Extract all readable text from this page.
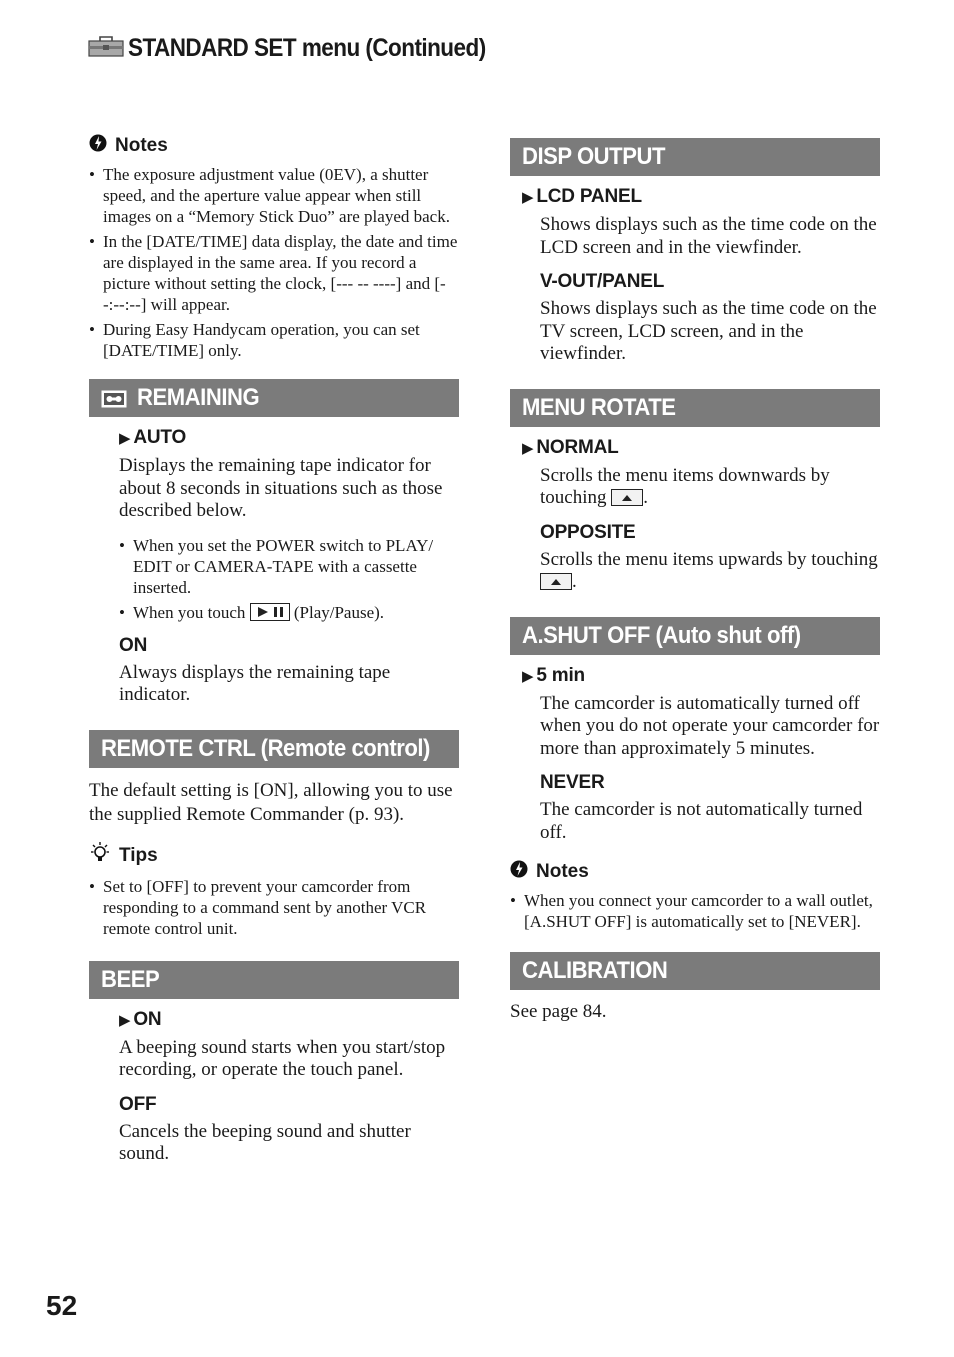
STANDARD SET menu (Continued)
Notes
• The exposure adjustment value (0EV), a shutter speed, and the aperture value appear when still images on a “Memory Stick Duo” are played back.
• In the [DATE/TIME] data display, the date and time are displayed in the same area. If you record a picture without setting the clock, [--- -- ----] and [--:--:--] will appear.
• During Easy Handycam operation, you can set [DATE/TIME] only.
REMAINING
▶ AUTO
Displays the remaining tape indicator for about 8 seconds in situations such as those described below.
• When you set the POWER switch to PLAY/ EDIT or CAMERA-TAPE with a cassette inserted.
• When you touch	(Play/Pause).
ON
Always displays the remaining tape indicator.
REMOTE CTRL (Remote control)
The default setting is [ON], allowing you to use the supplied Remote Commander (p. 93).
Tips
• Set to [OFF] to prevent your camcorder from responding to a command sent by another VCR remote control unit.
BEEP
▶ ON
A beeping sound starts when you start/stop recording, or operate the touch panel.
OFF
Cancels the beeping sound and shutter sound.
DISP OUTPUT
▶ LCD PANEL
Shows displays such as the time code on the LCD screen and in the viewfinder.
V-OUT/PANEL
Shows displays such as the time code on the TV screen, LCD screen, and in the viewfinder.
MENU ROTATE
▶ NORMAL
Scrolls the menu items downwards by touching .
OPPOSITE
Scrolls the menu items upwards by touching
.
A.SHUT OFF (Auto shut off)
▶ 5 min
The camcorder is automatically turned off when you do not operate your camcorder for more than approximately 5 minutes.
NEVER
The camcorder is not automatically turned off.
Notes
• When you connect your camcorder to a wall outlet, [A.SHUT OFF] is automatically set to [NEVER].
CALIBRATION
See page 84.
52
